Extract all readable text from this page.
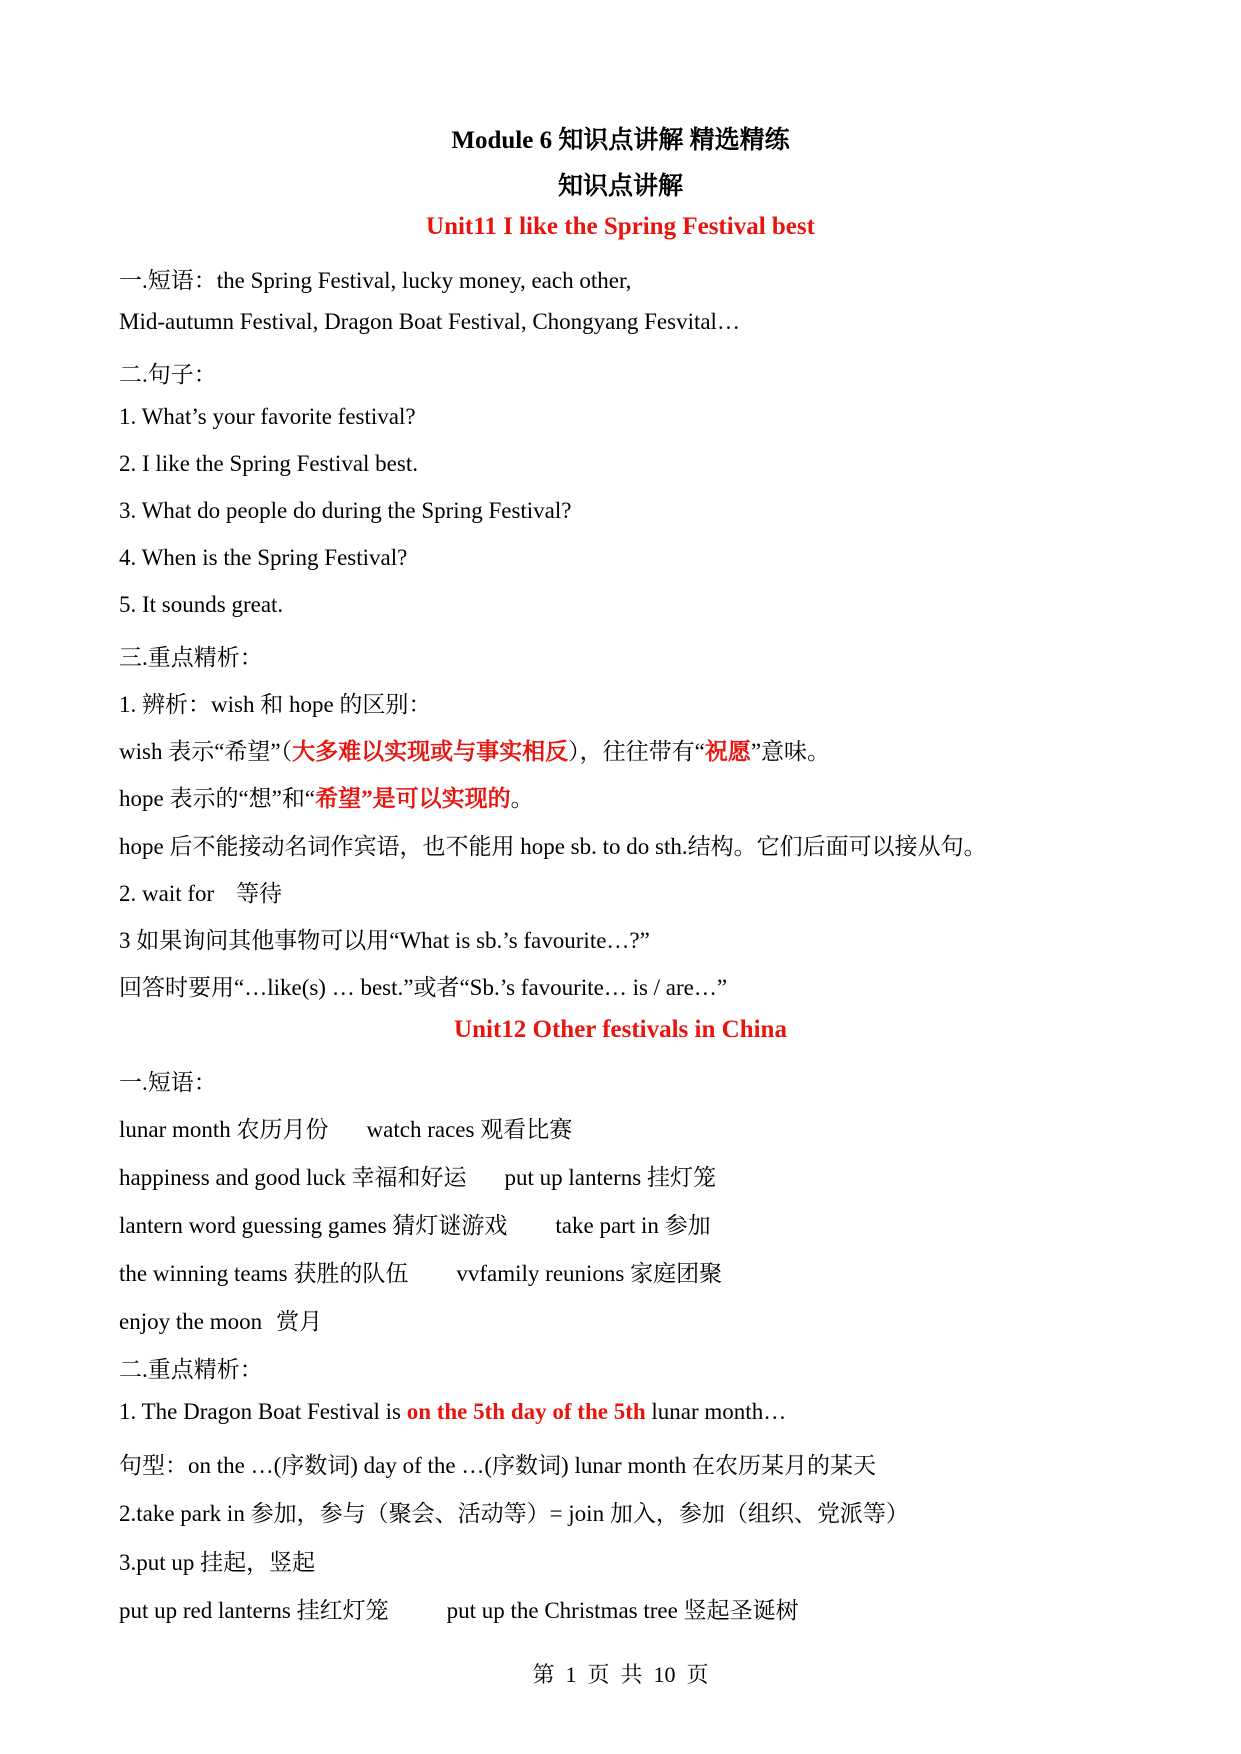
Module 6 知识点讲解 精选精练
知识点讲解
Unit11 I like the Spring Festival best
一.短语：the Spring Festival, lucky money, each other,
Mid-autumn Festival, Dragon Boat Festival, Chongyang Fesvital…
二.句子：
1. What’s your favorite festival?
2. I like the Spring Festival best.
3. What do people do during the Spring Festival?
4. When is the Spring Festival?
5. It sounds great.
三.重点精析：
1. 辨析：wish 和 hope 的区别：
wish 表示“希望”（大多难以实现或与事实相反），往往带有“祝愿”意味。
hope 表示的“想”和“希望”是可以实现的。
hope 后不能接动名词作宾语，也不能用 hope sb. to do sth.结构。它们后面可以接从句。
2. wait for 等待
3 如果询问其他事物可以用“What is sb.’s favourite…?”
回答时要用“…like(s) … best.”或者“Sb.’s favourite… is / are…”
Unit12 Other festivals in China
一.短语：
lunar month 农历月份 watch races 观看比赛
happiness and good luck 幸福和好运 put up lanterns 挂灯笼
lantern word guessing games 猜灯谜游戏 take part in 参加
the winning teams 获胜的队伍 vvfamily reunions 家庭团聚
enjoy the moon 赏月
二.重点精析：
1. The Dragon Boat Festival is on the 5th day of the 5th lunar month…
句型：on the …(序数词) day of the …(序数词) lunar month 在农历某月的某天
2.take park in 参加，参与（聚会、活动等）= join 加入，参加（组织、党派等）
3.put up 挂起，竖起
put up red lanterns 挂红灯笼	put up the Christmas tree 竖起圣诞树
第  1  页  共  10  页
